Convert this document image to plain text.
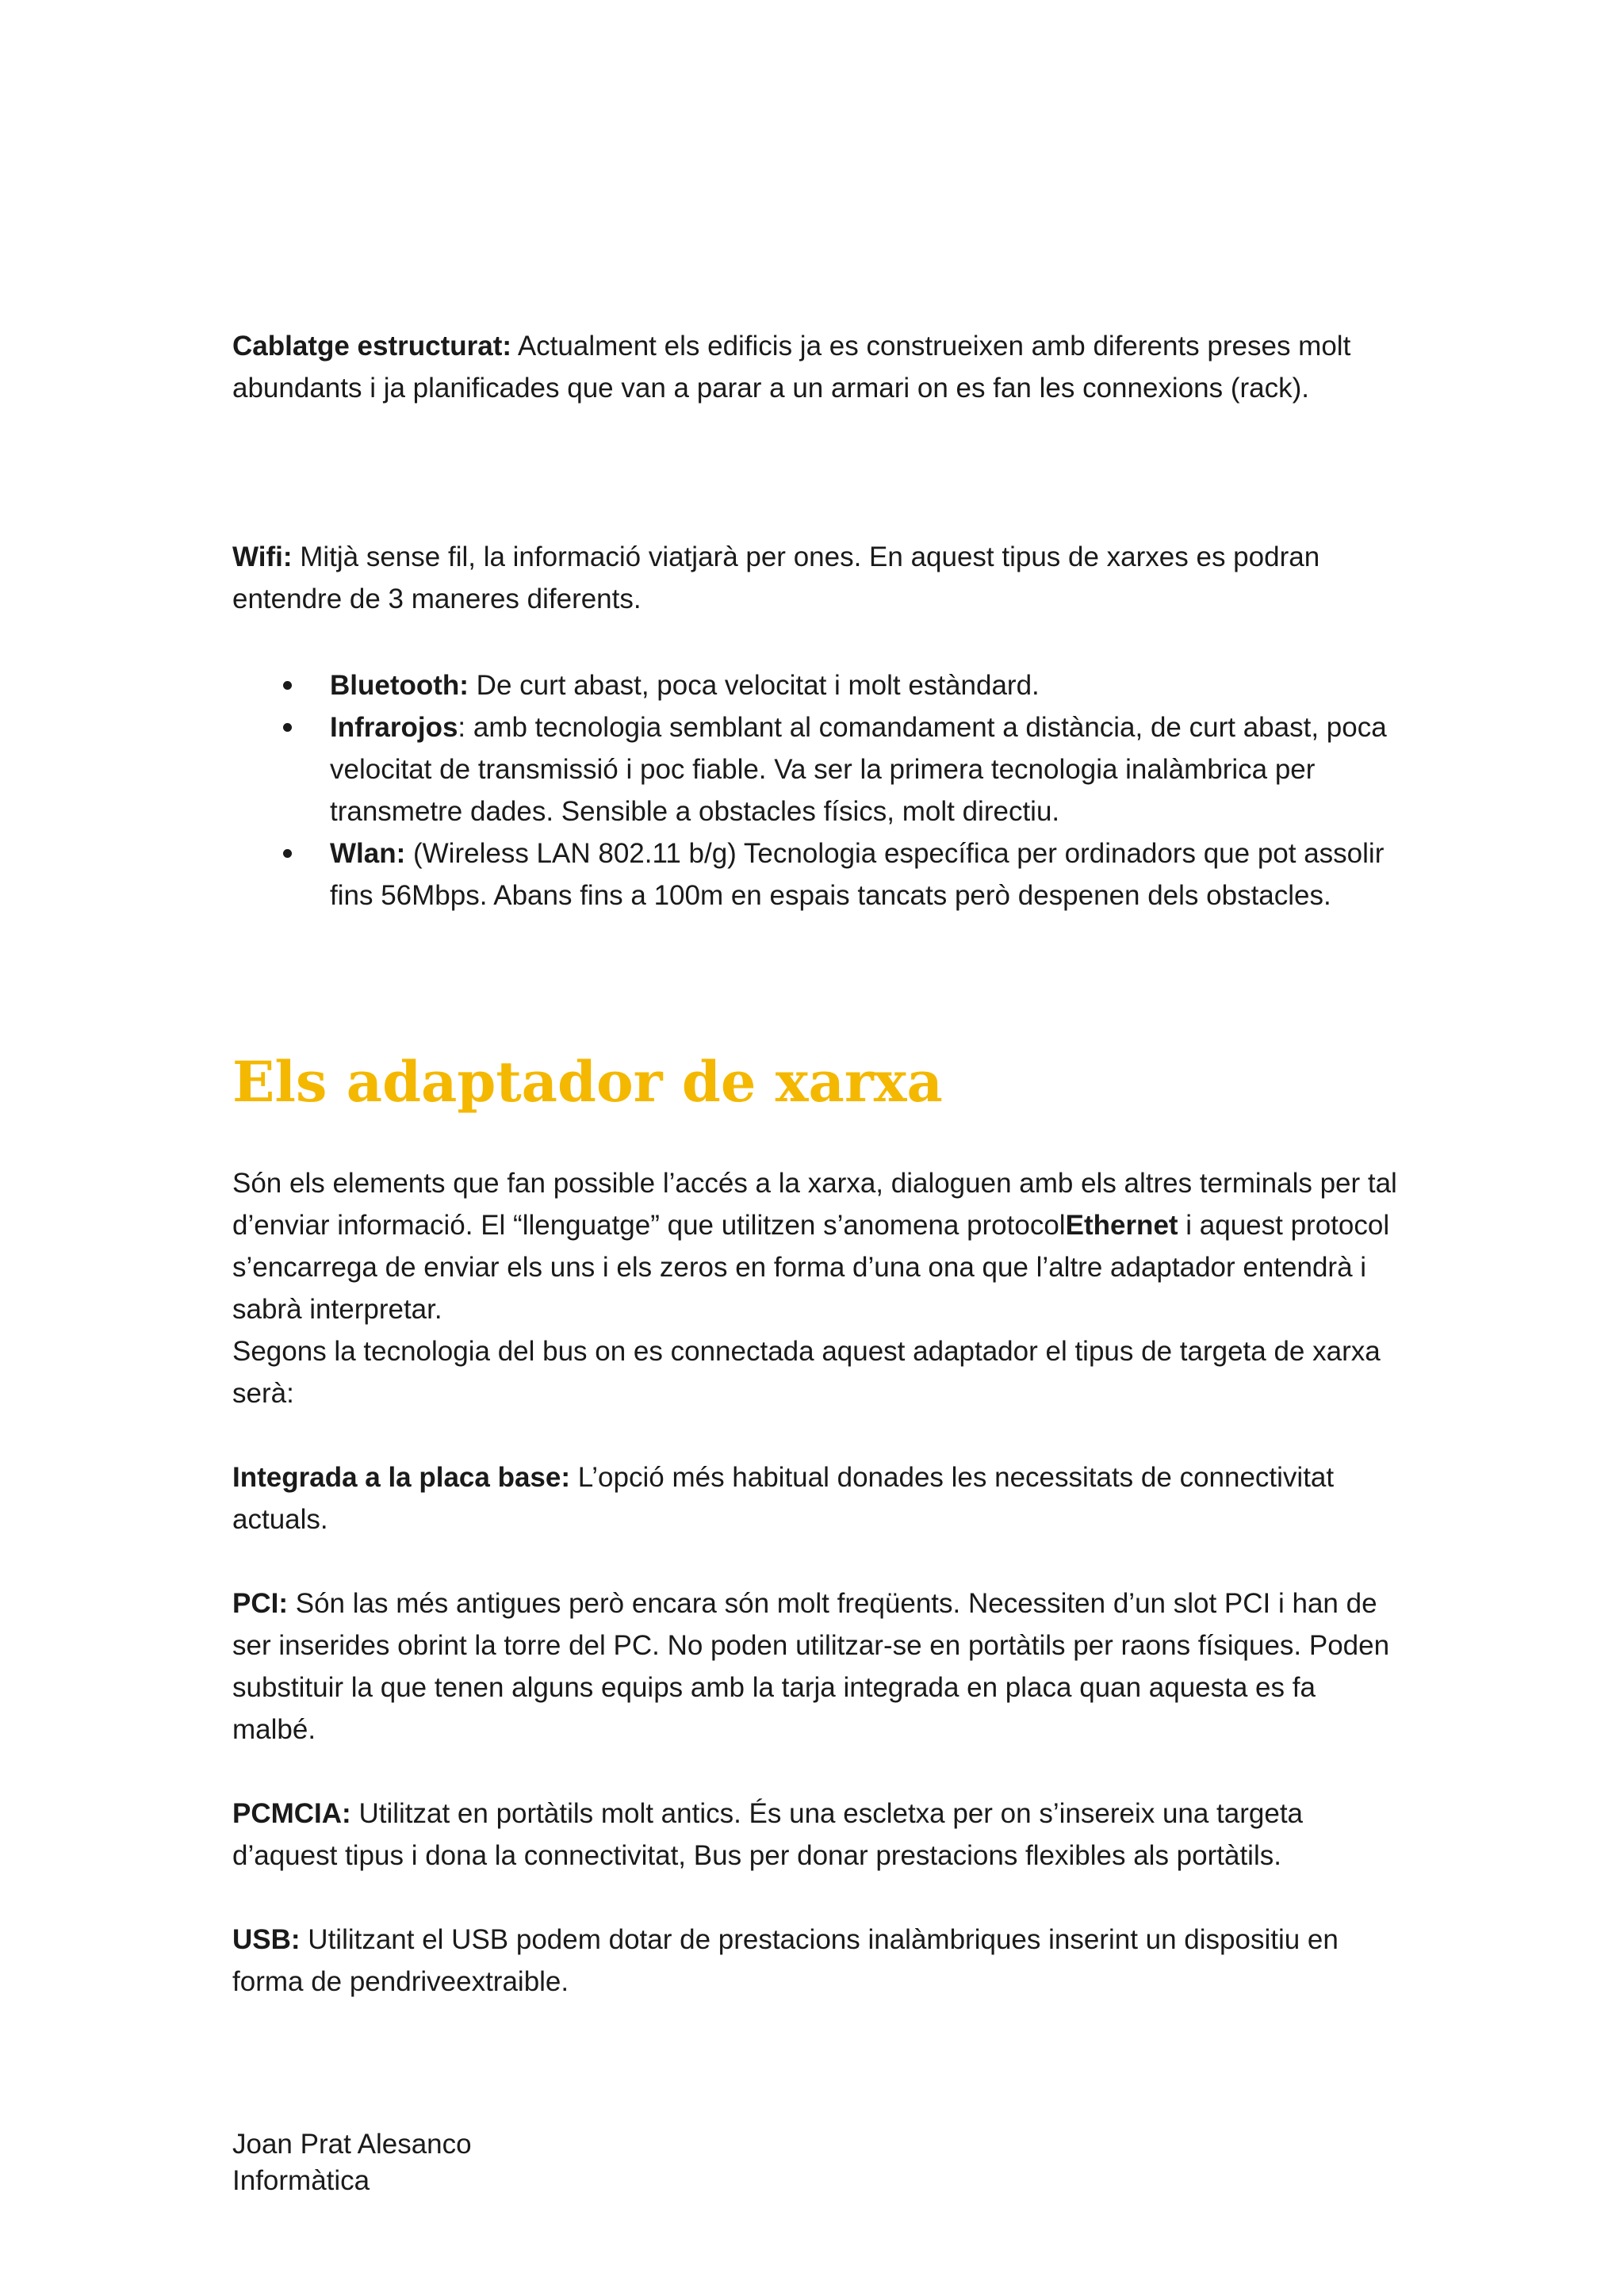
Cablatge estructurat: Actualment els edificis ja es construeixen amb diferents preses molt abundants i ja planificades que van a parar a un armari on es fan les connexions (rack).

Wifi: Mitjà sense fil, la informació viatjarà per ones. En aquest tipus de xarxes es podran entendre de 3 maneres diferents.

Bluetooth: De curt abast, poca velocitat i molt estàndard.
Infrarojos: amb tecnologia semblant al comandament a distància, de curt abast, poca velocitat de transmissió i poc fiable. Va ser la primera tecnologia inalàmbrica per transmetre dades. Sensible a obstacles físics, molt directiu.
Wlan: (Wireless LAN 802.11 b/g) Tecnologia específica per ordinadors que pot assolir fins 56Mbps. Abans fins a 100m en espais tancats però despenen dels obstacles.
Els adaptador de xarxa

Són els elements que fan possible l’accés a la xarxa, dialoguen amb els altres terminals per tal d’enviar informació. El “llenguatge” que utilitzen s’anomena protocolEthernet i aquest protocol s’encarrega de enviar els uns i els zeros en forma d’una ona que l’altre adaptador entendrà i sabrà interpretar.

Segons la tecnologia del bus on es connectada aquest adaptador el tipus de targeta de xarxa serà:

Integrada a la placa base: L’opció més habitual donades les necessitats de connectivitat actuals.

PCI: Són las més antigues però encara són molt freqüents. Necessiten d’un slot PCI i han de ser inserides obrint la torre del PC. No poden utilitzar-se en portàtils per raons físiques. Poden substituir la que tenen alguns equips amb la tarja integrada en placa quan aquesta es fa malbé.

PCMCIA: Utilitzat en portàtils molt antics. És una escletxa per on s’insereix una targeta d’aquest tipus i dona la connectivitat, Bus per donar prestacions flexibles als portàtils.

USB: Utilitzant el USB podem dotar de prestacions inalàmbriques inserint un dispositiu en forma de pendriveextraible.

Joan Prat Alesanco
Informàtica
